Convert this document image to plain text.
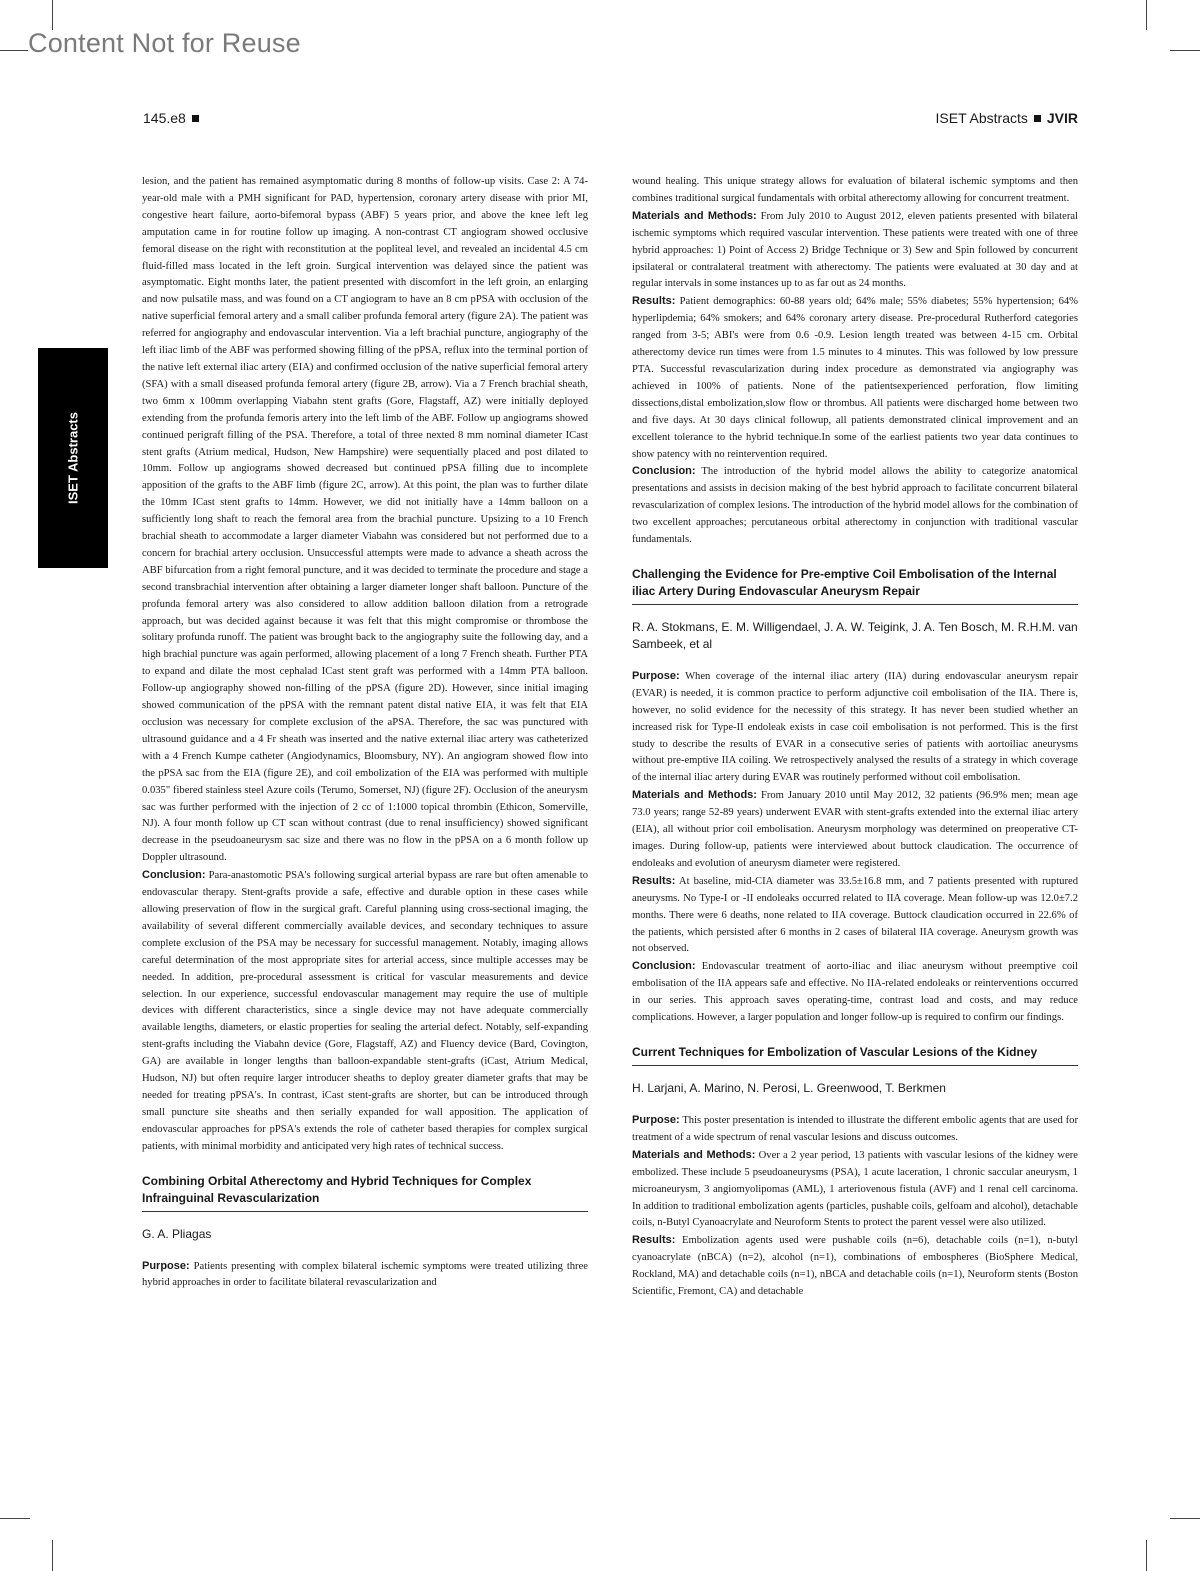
Content Not for Reuse
145.e8	ISET Abstracts JVIR
ISET Abstracts

lesion, and the patient has remained asymptomatic during 8 months of follow-up visits. Case 2: A 74-year-old male with a PMH significant for PAD, hypertension, coronary artery disease with prior MI, congestive heart failure, aorto-bifemoral bypass (ABF) 5 years prior, and above the knee left leg amputation came in for routine follow up imaging. A non-contrast CT angiogram showed occlusive femoral disease on the right with reconstitution at the popliteal level, and revealed an incidental 4.5 cm fluid-filled mass located in the left groin. Surgical intervention was delayed since the patient was asymptomatic. Eight months later, the patient presented with discomfort in the left groin, an enlarging and now pulsatile mass, and was found on a CT angiogram to have an 8 cm pPSA with occlusion of the native superficial femoral artery and a small caliber profunda femoral artery (figure 2A). The patient was referred for angiography and endovascular intervention. Via a left brachial puncture, angiography of the left iliac limb of the ABF was performed showing filling of the pPSA, reflux into the terminal portion of the native left external iliac artery (EIA) and confirmed occlusion of the native superficial femoral artery (SFA) with a small diseased profunda femoral artery (figure 2B, arrow). Via a 7 French brachial sheath, two 6mm x 100mm overlapping Viabahn stent grafts (Gore, Flagstaff, AZ) were initially deployed extending from the profunda femoris artery into the left limb of the ABF. Follow up angiograms showed continued perigraft filling of the PSA. Therefore, a total of three nexted 8 mm nominal diameter ICast stent grafts (Atrium medical, Hudson, New Hampshire) were sequentially placed and post dilated to 10mm. Follow up angiograms showed decreased but continued pPSA filling due to incomplete apposition of the grafts to the ABF limb (figure 2C, arrow). At this point, the plan was to further dilate the 10mm ICast stent grafts to 14mm. However, we did not initially have a 14mm balloon on a sufficiently long shaft to reach the femoral area from the brachial puncture. Upsizing to a 10 French brachial sheath to accommodate a larger diameter Viabahn was considered but not performed due to a concern for brachial artery occlusion. Unsuccessful attempts were made to advance a sheath across the ABF bifurcation from a right femoral puncture, and it was decided to terminate the procedure and stage a second transbrachial intervention after obtaining a larger diameter longer shaft balloon. Puncture of the profunda femoral artery was also considered to allow addition balloon dilation from a retrograde approach, but was decided against because it was felt that this might compromise or thrombose the solitary profunda runoff. The patient was brought back to the angiography suite the following day, and a high brachial puncture was again performed, allowing placement of a long 7 French sheath. Further PTA to expand and dilate the most cephalad ICast stent graft was performed with a 14mm PTA balloon. Follow-up angiography showed non-filling of the pPSA (figure 2D). However, since initial imaging showed communication of the pPSA with the remnant patent distal native EIA, it was felt that EIA occlusion was necessary for complete exclusion of the aPSA. Therefore, the sac was punctured with ultrasound guidance and a 4 Fr sheath was inserted and the native external iliac artery was catheterized with a 4 French Kumpe catheter (Angiodynamics, Bloomsbury, NY). An angiogram showed flow into the pPSA sac from the EIA (figure 2E), and coil embolization of the EIA was performed with multiple 0.035" fibered stainless steel Azure coils (Terumo, Somerset, NJ) (figure 2F). Occlusion of the aneurysm sac was further performed with the injection of 2 cc of 1:1000 topical thrombin (Ethicon, Somerville, NJ). A four month follow up CT scan without contrast (due to renal insufficiency) showed significant decrease in the pseudoaneurysm sac size and there was no flow in the pPSA on a 6 month follow up Doppler ultrasound.

Conclusion: Para-anastomotic PSA's following surgical arterial bypass are rare but often amenable to endovascular therapy. Stent-grafts provide a safe, effective and durable option in these cases while allowing preservation of flow in the surgical graft. Careful planning using cross-sectional imaging, the availability of several different commercially available devices, and secondary techniques to assure complete exclusion of the PSA may be necessary for successful management. Notably, imaging allows careful determination of the most appropriate sites for arterial access, since multiple accesses may be needed. In addition, pre-procedural assessment is critical for vascular measurements and device selection. In our experience, successful endovascular management may require the use of multiple devices with different characteristics, since a single device may not have adequate commercially available lengths, diameters, or elastic properties for sealing the arterial defect. Notably, self-expanding stent-grafts including the Viabahn device (Gore, Flagstaff, AZ) and Fluency device (Bard, Covington, GA) are available in longer lengths than balloon-expandable stent-grafts (iCast, Atrium Medical, Hudson, NJ) but often require larger introducer sheaths to deploy greater diameter grafts that may be needed for treating pPSA's. In contrast, iCast stent-grafts are shorter, but can be introduced through small puncture site sheaths and then serially expanded for wall apposition. The application of endovascular approaches for pPSA's extends the role of catheter based therapies for complex surgical patients, with minimal morbidity and anticipated very high rates of technical success.

Combining Orbital Atherectomy and Hybrid Techniques for Complex Infrainguinal Revascularization
G. A. Pliagas

Purpose: Patients presenting with complex bilateral ischemic symptoms were treated utilizing three hybrid approaches in order to facilitate bilateral revascularization and

wound healing. This unique strategy allows for evaluation of bilateral ischemic symptoms and then combines traditional surgical fundamentals with orbital atherectomy allowing for concurrent treatment.

Materials and Methods: From July 2010 to August 2012, eleven patients presented with bilateral ischemic symptoms which required vascular intervention. These patients were treated with one of three hybrid approaches: 1) Point of Access 2) Bridge Technique or 3) Sew and Spin followed by concurrent ipsilateral or contralateral treatment with atherectomy. The patients were evaluated at 30 day and at regular intervals in some instances up to as far out as 24 months.

Results: Patient demographics: 60-88 years old; 64% male; 55% diabetes; 55% hypertension; 64% hyperlipdemia; 64% smokers; and 64% coronary artery disease. Pre-procedural Rutherford categories ranged from 3-5; ABI's were from 0.6 -0.9. Lesion length treated was between 4-15 cm. Orbital atherectomy device run times were from 1.5 minutes to 4 minutes. This was followed by low pressure PTA. Successful revascularization during index procedure as demonstrated via angiography was achieved in 100% of patients. None of the patientsexperienced perforation, flow limiting dissections,distal embolization,slow flow or thrombus. All patients were discharged home between two and five days. At 30 days clinical followup, all patients demonstrated clinical improvement and an excellent tolerance to the hybrid technique.In some of the earliest patients two year data continues to show patency with no reintervention required.

Conclusion: The introduction of the hybrid model allows the ability to categorize anatomical presentations and assists in decision making of the best hybrid approach to facilitate concurrent bilateral revascularization of complex lesions. The introduction of the hybrid model allows for the combination of two excellent approaches; percutaneous orbital atherectomy in conjunction with traditional vascular fundamentals.

Challenging the Evidence for Pre-emptive Coil Embolisation of the Internal iliac Artery During Endovascular Aneurysm Repair
R. A. Stokmans, E. M. Willigendael, J. A. W. Teigink, J. A. Ten Bosch, M. R.H.M. van Sambeek, et al

Purpose: When coverage of the internal iliac artery (IIA) during endovascular aneurysm repair (EVAR) is needed, it is common practice to perform adjunctive coil embolisation of the IIA. There is, however, no solid evidence for the necessity of this strategy. It has never been studied whether an increased risk for Type-II endoleak exists in case coil embolisation is not performed. This is the first study to describe the results of EVAR in a consecutive series of patients with aortoiliac aneurysms without pre-emptive IIA coiling. We retrospectively analysed the results of a strategy in which coverage of the internal iliac artery during EVAR was routinely performed without coil embolisation.

Materials and Methods: From January 2010 until May 2012, 32 patients (96.9% men; mean age 73.0 years; range 52-89 years) underwent EVAR with stent-grafts extended into the external iliac artery (EIA), all without prior coil embolisation. Aneurysm morphology was determined on preoperative CT-images. During follow-up, patients were interviewed about buttock claudication. The occurrence of endoleaks and evolution of aneurysm diameter were registered.

Results: At baseline, mid-CIA diameter was 33.5±16.8 mm, and 7 patients presented with ruptured aneurysms. No Type-I or -II endoleaks occurred related to IIA coverage. Mean follow-up was 12.0±7.2 months. There were 6 deaths, none related to IIA coverage. Buttock claudication occurred in 22.6% of the patients, which persisted after 6 months in 2 cases of bilateral IIA coverage. Aneurysm growth was not observed.

Conclusion: Endovascular treatment of aorto-iliac and iliac aneurysm without preemptive coil embolisation of the IIA appears safe and effective. No IIA-related endoleaks or reinterventions occurred in our series. This approach saves operating-time, contrast load and costs, and may reduce complications. However, a larger population and longer follow-up is required to confirm our findings.

Current Techniques for Embolization of Vascular Lesions of the Kidney
H. Larjani, A. Marino, N. Perosi, L. Greenwood, T. Berkmen

Purpose: This poster presentation is intended to illustrate the different embolic agents that are used for treatment of a wide spectrum of renal vascular lesions and discuss outcomes.

Materials and Methods: Over a 2 year period, 13 patients with vascular lesions of the kidney were embolized. These include 5 pseudoaneurysms (PSA), 1 acute laceration, 1 chronic saccular aneurysm, 1 microaneurysm, 3 angiomyolipomas (AML), 1 arteriovenous fistula (AVF) and 1 renal cell carcinoma. In addition to traditional embolization agents (particles, pushable coils, gelfoam and alcohol), detachable coils, n-Butyl Cyanoacrylate and Neuroform Stents to protect the parent vessel were also utilized.

Results: Embolization agents used were pushable coils (n=6), detachable coils (n=1), n-butyl cyanoacrylate (nBCA) (n=2), alcohol (n=1), combinations of embospheres (BioSphere Medical, Rockland, MA) and detachable coils (n=1), nBCA and detachable coils (n=1), Neuroform stents (Boston Scientific, Fremont, CA) and detachable
